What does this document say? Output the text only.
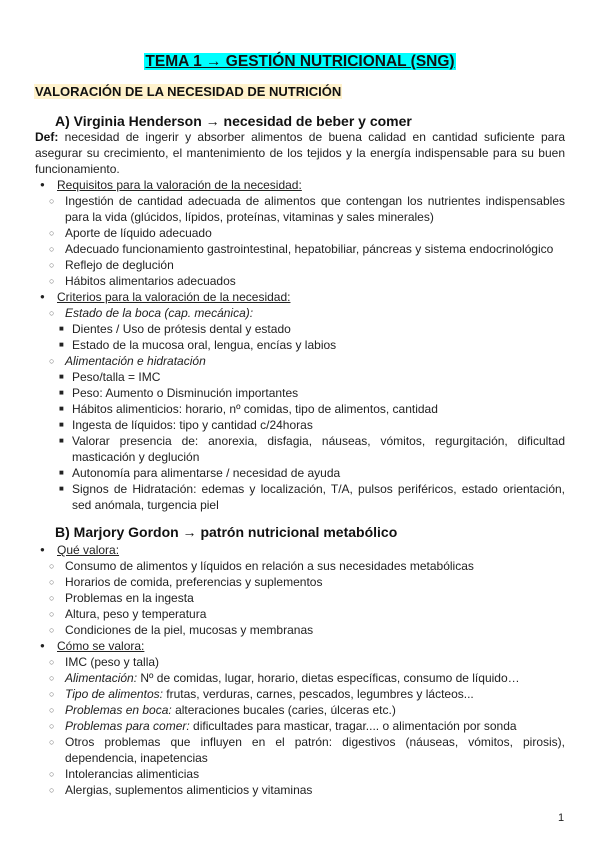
TEMA 1 → GESTIÓN NUTRICIONAL (SNG)
VALORACIÓN DE LA NECESIDAD DE NUTRICIÓN
A) Virginia Henderson → necesidad de beber y comer
Def: necesidad de ingerir y absorber alimentos de buena calidad en cantidad suficiente para asegurar su crecimiento, el mantenimiento de los tejidos y la energía indispensable para su buen funcionamiento.
● Requisitos para la valoración de la necesidad:
○ Ingestión de cantidad adecuada de alimentos que contengan los nutrientes indispensables para la vida (glúcidos, lípidos, proteínas, vitaminas y sales minerales)
○ Aporte de líquido adecuado
○ Adecuado funcionamiento gastrointestinal, hepatobiliar, páncreas y sistema endocrinológico
○ Reflejo de deglución
○ Hábitos alimentarios adecuados
● Criterios para la valoración de la necesidad:
○ Estado de la boca (cap. mecánica):
■ Dientes / Uso de prótesis dental y estado
■ Estado de la mucosa oral, lengua, encías y labios
○ Alimentación e hidratación
■ Peso/talla = IMC
■ Peso: Aumento o Disminución importantes
■ Hábitos alimenticios: horario, nº comidas, tipo de alimentos, cantidad
■ Ingesta de líquidos: tipo y cantidad c/24horas
■ Valorar presencia de: anorexia, disfagia, náuseas, vómitos, regurgitación, dificultad masticación y deglución
■ Autonomía para alimentarse / necesidad de ayuda
■ Signos de Hidratación: edemas y localización, T/A, pulsos periféricos, estado orientación, sed anómala, turgencia piel
B) Marjory Gordon → patrón nutricional metabólico
● Qué valora:
○ Consumo de alimentos y líquidos en relación a sus necesidades metabólicas
○ Horarios de comida, preferencias y suplementos
○ Problemas en la ingesta
○ Altura, peso y temperatura
○ Condiciones de la piel, mucosas y membranas
● Cómo se valora:
○ IMC (peso y talla)
○ Alimentación: Nº de comidas, lugar, horario, dietas específicas, consumo de líquido…
○ Tipo de alimentos: frutas, verduras, carnes, pescados, legumbres y lácteos...
○ Problemas en boca: alteraciones bucales (caries, úlceras etc.)
○ Problemas para comer: dificultades para masticar, tragar.... o alimentación por sonda
○ Otros problemas que influyen en el patrón: digestivos (náuseas, vómitos, pirosis), dependencia, inapetencias
○ Intolerancias alimenticias
○ Alergias, suplementos alimenticios y vitaminas
1
